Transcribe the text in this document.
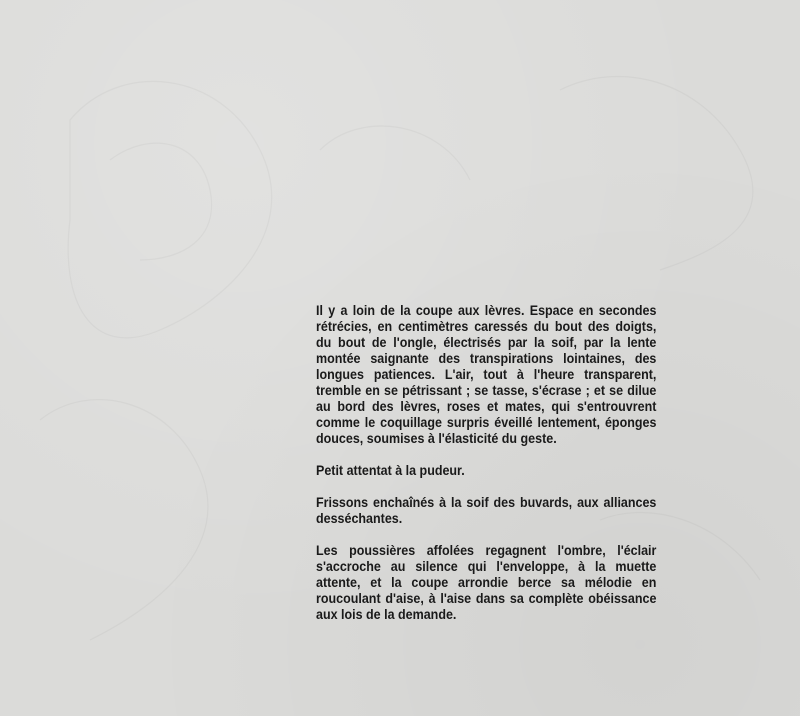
Il y a loin de la coupe aux lèvres. Espace en secondes rétrécies, en centimètres caressés du bout des doigts, du bout de l'ongle, électrisés par la soif, par la lente montée saignante des transpirations lointaines, des longues patiences. L'air, tout à l'heure transparent, tremble en se pétrissant ; se tasse, s'écrase ; et se dilue au bord des lèvres, roses et mates, qui s'entrouvrent comme le coquillage surpris éveillé lentement, éponges douces, soumises à l'élasticité du geste.

Petit attentat à la pudeur.

Frissons enchaînés à la soif des buvards, aux alliances desséchantes.

Les poussières affolées regagnent l'ombre, l'éclair s'accroche au silence qui l'enveloppe, à la muette attente, et la coupe arrondie berce sa mélodie en roucoulant d'aise, à l'aise dans sa complète obéissance aux lois de la demande.
